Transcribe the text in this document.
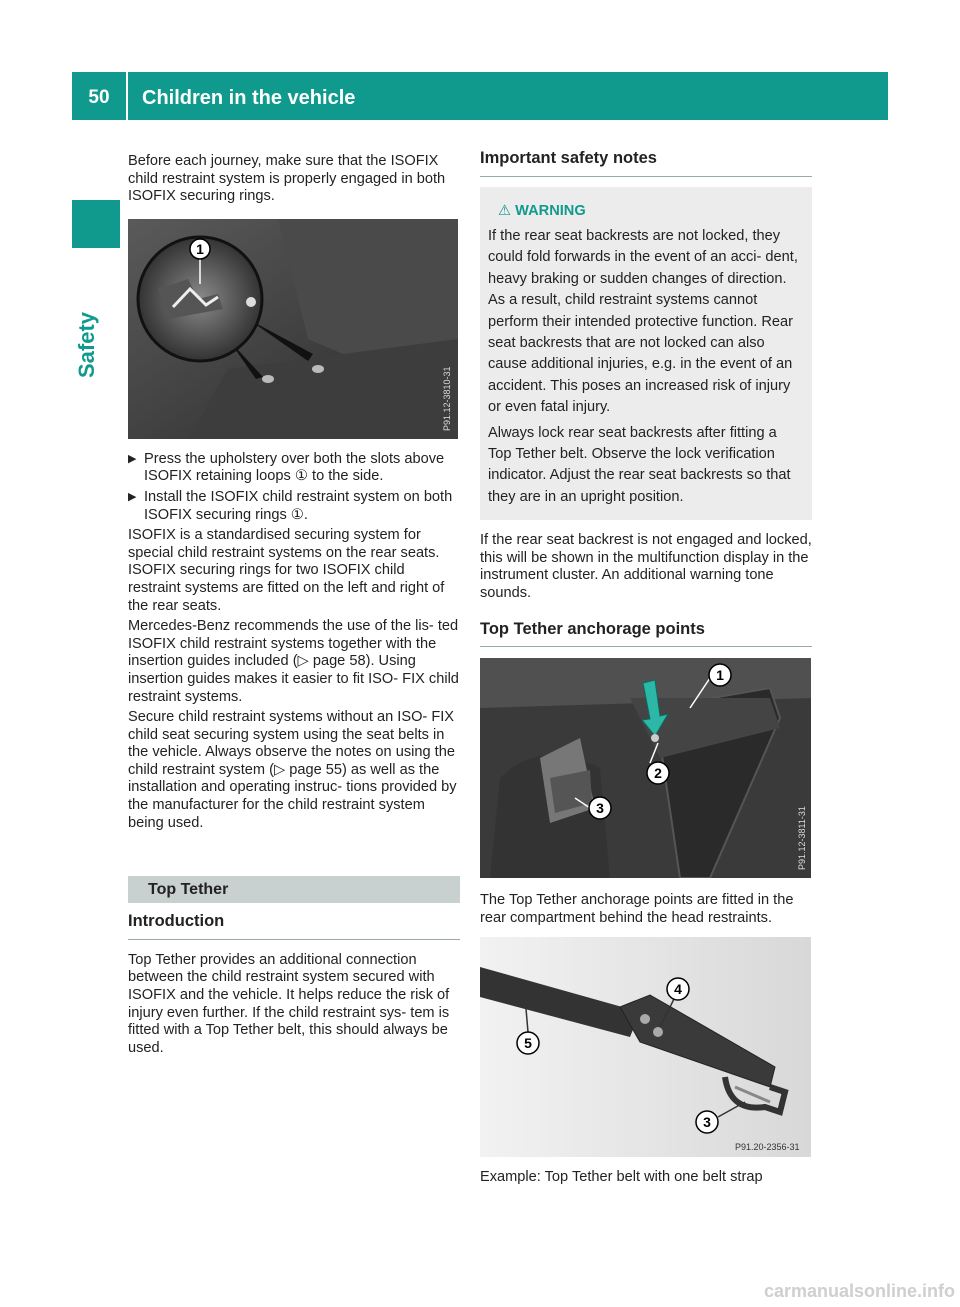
50	Children in the vehicle
Safety

Before each journey, make sure that the ISOFIX child restraint system is properly engaged in both ISOFIX securing rings.

1
P91.12-3810-31
▶ Press the upholstery over both the slots above ISOFIX retaining loops ① to the side.
▶ Install the ISOFIX child restraint system on both ISOFIX securing rings ①.

ISOFIX is a standardised securing system for special child restraint systems on the rear seats. ISOFIX securing rings for two ISOFIX child restraint systems are fitted on the left and right of the rear seats.

Mercedes-Benz recommends the use of the lis- ted ISOFIX child restraint systems together with the insertion guides included (▷ page 58). Using insertion guides makes it easier to fit ISO- FIX child restraint systems.

Secure child restraint systems without an ISO- FIX child seat securing system using the seat belts in the vehicle. Always observe the notes on using the child restraint system (▷ page 55) as well as the installation and operating instruc- tions provided by the manufacturer for the child restraint system being used.

Top Tether
Introduction

Top Tether provides an additional connection between the child restraint system secured with ISOFIX and the vehicle. It helps reduce the risk of injury even further. If the child restraint sys- tem is fitted with a Top Tether belt, this should always be used.

Important safety notes
⚠ WARNING

If the rear seat backrests are not locked, they could fold forwards in the event of an acci- dent, heavy braking or sudden changes of direction. As a result, child restraint systems cannot perform their intended protective function. Rear seat backrests that are not locked can also cause additional injuries, e.g. in the event of an accident. This poses an increased risk of injury or even fatal injury.

Always lock rear seat backrests after fitting a Top Tether belt. Observe the lock verification indicator. Adjust the rear seat backrests so that they are in an upright position.

If the rear seat backrest is not engaged and locked, this will be shown in the multifunction display in the instrument cluster. An additional warning tone sounds.

Top Tether anchorage points
1
2
3	P91.12-3811-31

The Top Tether anchorage points are fitted in the rear compartment behind the head restraints.

4
5
3
P91.20-2356-31

Example: Top Tether belt with one belt strap

carmanualsonline.info
